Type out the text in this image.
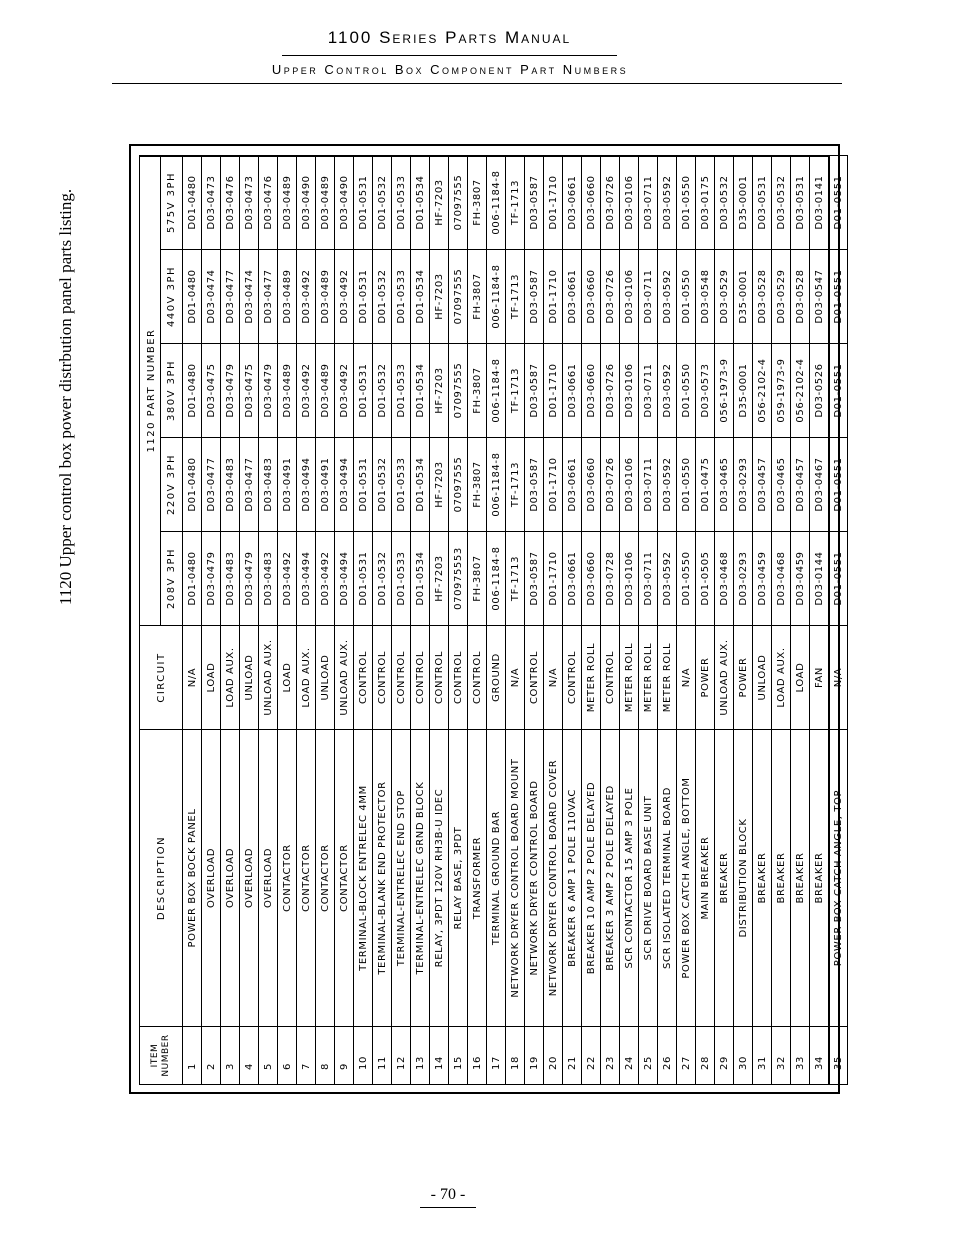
1100 Series Parts Manual
Upper Control Box Component Part Numbers
1120 Upper control box power distrbution panel parts listing.
ITEM NUMBER	DESCRIPTION	CIRCUIT	1120 PART NUMBER				
			208V 3PH	220V 3PH	380V 3PH	440V 3PH	575V 3PH
1	POWER BOX BOCK PANEL	N/A	D01-0480	D01-0480	D01-0480	D01-0480	D01-0480
2	OVERLOAD	LOAD	D03-0479	D03-0477	D03-0475	D03-0474	D03-0473
3	OVERLOAD	LOAD AUX.	D03-0483	D03-0483	D03-0479	D03-0477	D03-0476
4	OVERLOAD	UNLOAD	D03-0479	D03-0477	D03-0475	D03-0474	D03-0473
5	OVERLOAD	UNLOAD AUX.	D03-0483	D03-0483	D03-0479	D03-0477	D03-0476
6	CONTACTOR	LOAD	D03-0492	D03-0491	D03-0489	D03-0489	D03-0489
7	CONTACTOR	LOAD AUX.	D03-0494	D03-0494	D03-0492	D03-0492	D03-0490
8	CONTACTOR	UNLOAD	D03-0492	D03-0491	D03-0489	D03-0489	D03-0489
9	CONTACTOR	UNLOAD AUX.	D03-0494	D03-0494	D03-0492	D03-0492	D03-0490
10	TERMINAL-BLOCK ENTRELEC 4MM	CONTROL	D01-0531	D01-0531	D01-0531	D01-0531	D01-0531
11	TERMINAL-BLANK END PROTECTOR	CONTROL	D01-0532	D01-0532	D01-0532	D01-0532	D01-0532
12	TERMINAL-ENTRELEC END STOP	CONTROL	D01-0533	D01-0533	D01-0533	D01-0533	D01-0533
13	TERMINAL-ENTRELEC GRND BLOCK	CONTROL	D01-0534	D01-0534	D01-0534	D01-0534	D01-0534
14	RELAY, 3PDT 120V RH3B-U IDEC	CONTROL	HF-7203	HF-7203	HF-7203	HF-7203	HF-7203
15	RELAY BASE, 3PDT	CONTROL	070975553	07097555	07097555	07097555	07097555
16	TRANSFORMER	CONTROL	FH-3807	FH-3807	FH-3807	FH-3807	FH-3807
17	TERMINAL GROUND BAR	GROUND	006-1184-8	006-1184-8	006-1184-8	006-1184-8	006-1184-8
18	NETWORK DRYER CONTROL BOARD MOUNT	N/A	TF-1713	TF-1713	TF-1713	TF-1713	TF-1713
19	NETWORK DRYER CONTROL BOARD	CONTROL	D03-0587	D03-0587	D03-0587	D03-0587	D03-0587
20	NETWORK DRYER CONTROL BOARD COVER	N/A	D01-1710	D01-1710	D01-1710	D01-1710	D01-1710
21	BREAKER 6 AMP 1 POLE 110VAC	CONTROL	D03-0661	D03-0661	D03-0661	D03-0661	D03-0661
22	BREAKER 10 AMP 2 POLE DELAYED	METER ROLL	D03-0660	D03-0660	D03-0660	D03-0660	D03-0660
23	BREAKER 3 AMP 2 POLE DELAYED	CONTROL	D03-0728	D03-0726	D03-0726	D03-0726	D03-0726
24	SCR CONTACTOR 15 AMP 3 POLE	METER ROLL	D03-0106	D03-0106	D03-0106	D03-0106	D03-0106
25	SCR DRIVE BOARD BASE UNIT	METER ROLL	D03-0711	D03-0711	D03-0711	D03-0711	D03-0711
26	SCR ISOLATED TERMINAL BOARD	METER ROLL	D03-0592	D03-0592	D03-0592	D03-0592	D03-0592
27	POWER BOX CATCH ANGLE, BOTTOM	N/A	D01-0550	D01-0550	D01-0550	D01-0550	D01-0550
28	MAIN BREAKER	POWER	D01-0505	D01-0475	D03-0573	D03-0548	D03-0175
29	BREAKER	UNLOAD AUX.	D03-0468	D03-0465	056-1973-9	D03-0529	D03-0532
30	DISTRIBUTION BLOCK	POWER	D03-0293	D03-0293	D35-0001	D35-0001	D35-0001
31	BREAKER	UNLOAD	D03-0459	D03-0457	056-2102-4	D03-0528	D03-0531
32	BREAKER	LOAD AUX.	D03-0468	D03-0465	059-1973-9	D03-0529	D03-0532
33	BREAKER	LOAD	D03-0459	D03-0457	056-2102-4	D03-0528	D03-0531
34	BREAKER	FAN	D03-0144	D03-0467	D03-0526	D03-0547	D03-0141
35	POWER BOX CATCH ANGLE, TOP	N/A	D01-0551	D01-0551	D01-0551	D01-0551	D01-0551
- 70 -
